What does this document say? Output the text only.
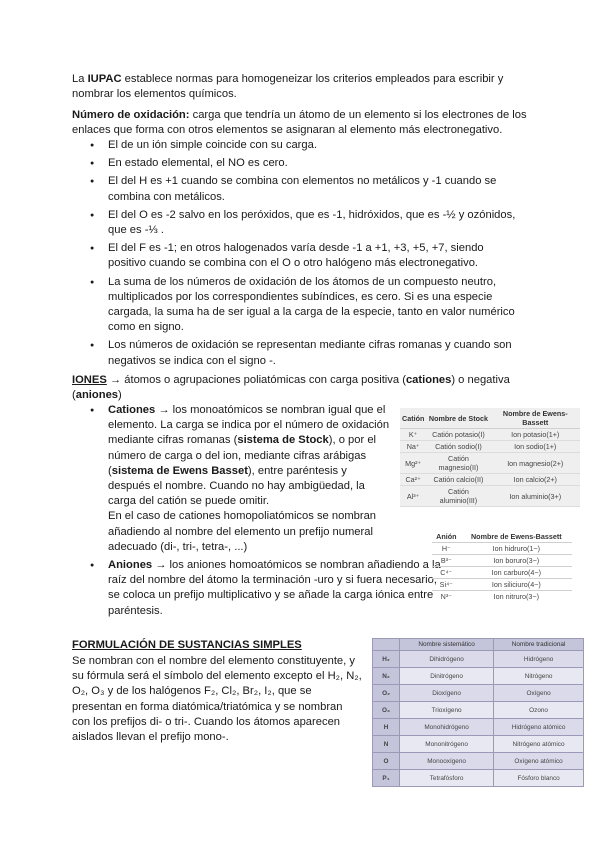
La IUPAC establece normas para homogeneizar los criterios empleados para escribir y nombrar los elementos químicos.
Número de oxidación: carga que tendría un átomo de un elemento si los electrones de los enlaces que forma con otros elementos se asignaran al elemento más electronegativo.
● El de un ión simple coincide con su carga.
● En estado elemental, el NO es cero.
● El del H es +1 cuando se combina con elementos no metálicos y -1 cuando se combina con metálicos.
● El del O es -2 salvo en los peróxidos, que es -1, hidróxidos, que es -½ y ozónidos, que es -⅓ .
● El del F es -1; en otros halogenados varía desde -1 a +1, +3, +5, +7, siendo positivo cuando se combina con el O o otro halógeno más electronegativo.
● La suma de los números de oxidación de los átomos de un compuesto neutro, multiplicados por los correspondientes subíndices, es cero. Si es una especie cargada, la suma ha de ser igual a la carga de la especie, tanto en valor numérico como en signo.
● Los números de oxidación se representan mediante cifras romanas y cuando son negativos se indica con el signo -.
IONES → átomos o agrupaciones poliatómicas con carga positiva (cationes) o negativa (aniones)
● Cationes → los monoatómicos se nombran igual que el elemento. La carga se indica por el número de oxidación mediante cifras romanas (sistema de Stock), o por el número de carga o del ion, mediante cifras arábigas (sistema de Ewens Basset), entre paréntesis y después el nombre. Cuando no hay ambigüedad, la carga del catión se puede omitir.
En el caso de cationes homopoliatómicos se nombran añadiendo al nombre del elemento un prefijo numeral adecuado (di-, tri-, tetra-, ...)
● Aniones → los aniones homoatómicos se nombran añadiendo a la raíz del nombre del átomo la terminación -uro y si fuera necesario, se coloca un prefijo multiplicativo y se añade la carga iónica entre paréntesis.
Catión	Nombre de Stock	Nombre de Ewens-Bassett
K⁺	Catión potasio(I)	Ion potasio(1+)
Na⁺	Catión sodio(I)	Ion sodio(1+)
Mg²⁺	Catión magnesio(II)	Ion magnesio(2+)
Ca²⁺	Catión calcio(II)	Ion calcio(2+)
Al³⁺	Catión aluminio(III)	Ion aluminio(3+)
Anión	Nombre de Ewens-Bassett
H⁻	Ion hidruro(1−)
B³⁻	Ion boruro(3−)
C⁴⁻	Ion carburo(4−)
Si⁴⁻	Ion siliciuro(4−)
N³⁻	Ion nitruro(3−)
FORMULACIÓN DE SUSTANCIAS SIMPLES
Se nombran con el nombre del elemento constituyente, y su fórmula será el símbolo del elemento excepto el H₂, N₂, O₂, O₃ y de los halógenos F₂, Cl₂, Br₂, I₂, que se presentan en forma diatómica/triatómica y se nombran con los prefijos di- o tri-. Cuando los átomos aparecen aislados llevan el prefijo mono-.
	Nombre sistemático	Nombre tradicional
H₂	Dihidrógeno	Hidrógeno
N₂	Dinitrógeno	Nitrógeno
O₂	Dioxígeno	Oxígeno
O₃	Trioxígeno	Ozono
H	Monohidrógeno	Hidrógeno atómico
N	Mononitrógeno	Nitrógeno atómico
O	Monooxígeno	Oxígeno atómico
P₄	Tetrafósforo	Fósforo blanco
